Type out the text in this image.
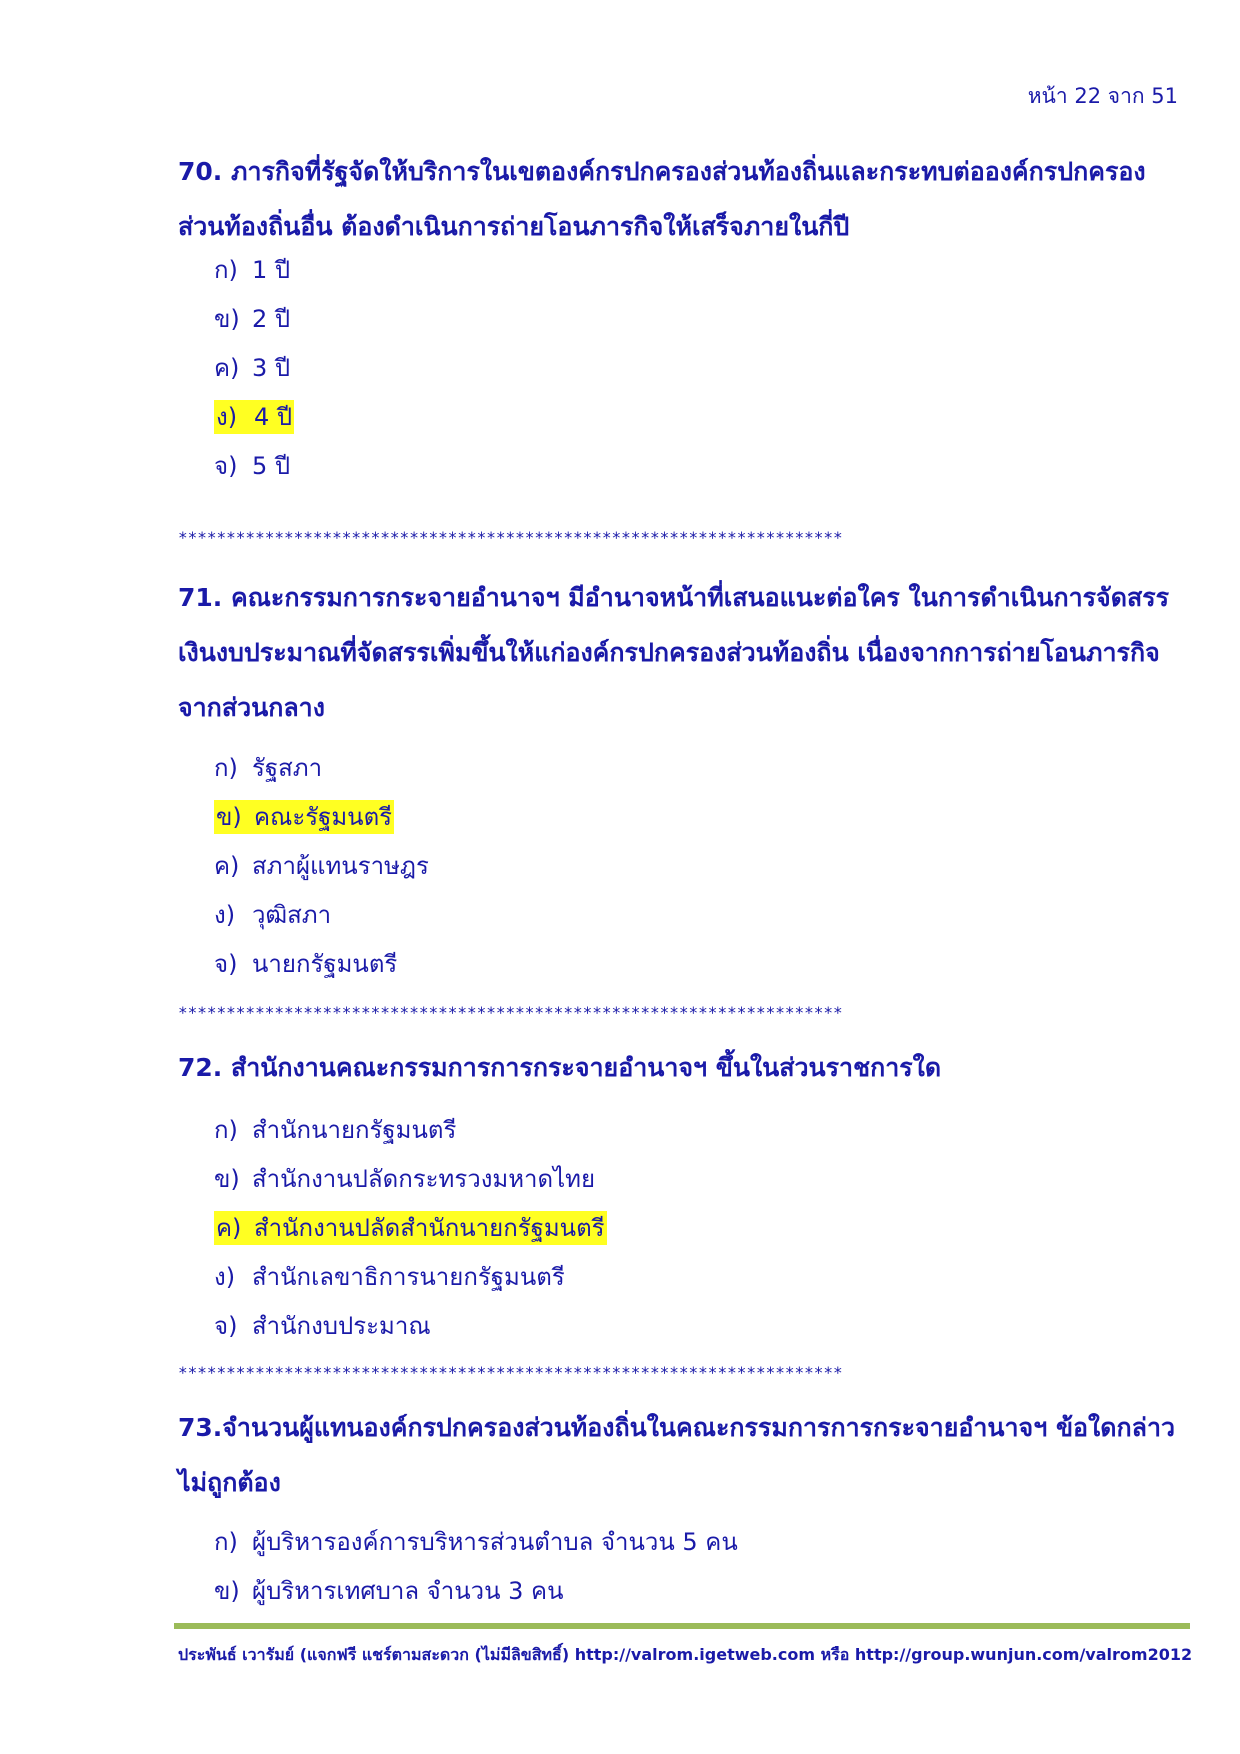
หน้า 22 จาก 51
70. ภารกิจที่รัฐจัดให้บริการในเขตองค์กรปกครองส่วนท้องถิ่นและกระทบต่อองค์กรปกครองส่วนท้องถิ่นอื่น ต้องดำเนินการถ่ายโอนภารกิจให้เสร็จภายในกี่ปี
ก) 1 ปี
ข) 2 ปี
ค) 3 ปี
ง) 4 ปี
จ) 5 ปี
*********************************************************************
71. คณะกรรมการกระจายอำนาจฯ มีอำนาจหน้าที่เสนอแนะต่อใคร ในการดำเนินการจัดสรรเงินงบประมาณที่จัดสรรเพิ่มขึ้นให้แก่องค์กรปกครองส่วนท้องถิ่น เนื่องจากการถ่ายโอนภารกิจจากส่วนกลาง
ก) รัฐสภา
ข) คณะรัฐมนตรี
ค) สภาผู้แทนราษฎร
ง) วุฒิสภา
จ) นายกรัฐมนตรี
*********************************************************************
72. สำนักงานคณะกรรมการการกระจายอำนาจฯ ขึ้นในส่วนราชการใด
ก) สำนักนายกรัฐมนตรี
ข) สำนักงานปลัดกระทรวงมหาดไทย
ค) สำนักงานปลัดสำนักนายกรัฐมนตรี
ง) สำนักเลขาธิการนายกรัฐมนตรี
จ) สำนักงบประมาณ
*********************************************************************
73.จำนวนผู้แทนองค์กรปกครองส่วนท้องถิ่นในคณะกรรมการการกระจายอำนาจฯ ข้อใดกล่าวไม่ถูกต้อง
ก) ผู้บริหารองค์การบริหารส่วนตำบล จำนวน 5 คน
ข) ผู้บริหารเทศบาล จำนวน 3 คน
ประพันธ์ เวารัมย์ (แจกฟรี แชร์ตามสะดวก (ไม่มีลิขสิทธิ์) http://valrom.igetweb.com หรือ http://group.wunjun.com/valrom2012
